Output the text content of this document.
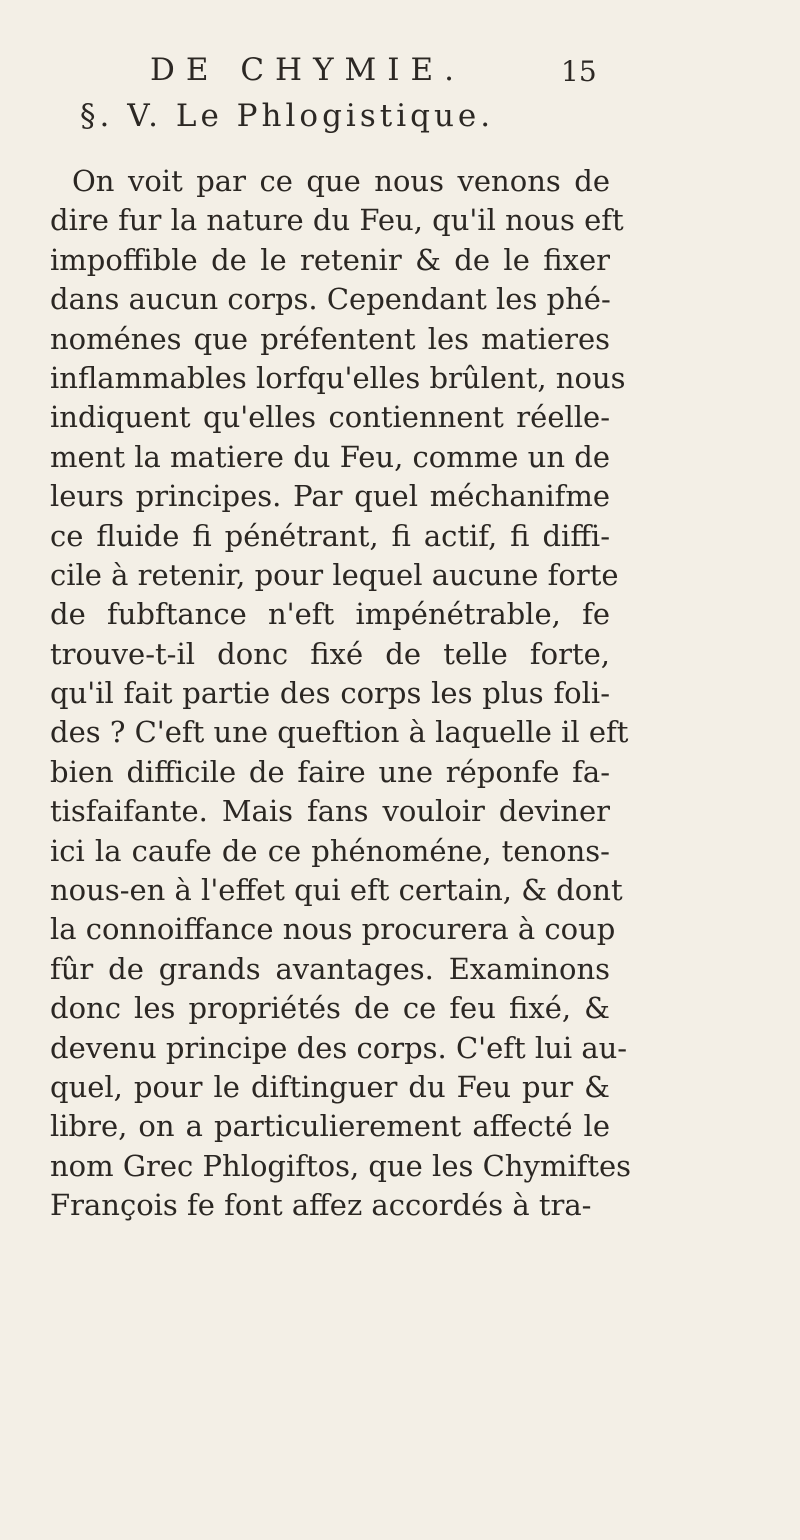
DE CHYMIE.	15
§. V. Le Phlogistique.
On voit par ce que nous venons de
dire fur la nature du Feu, qu'il nous eft
impoffible de le retenir & de le fixer
dans aucun corps. Cependant les phé-
noménes que préfentent les matieres
inflammables lorfqu'elles brûlent, nous
indiquent qu'elles contiennent réelle-
ment la matiere du Feu, comme un de
leurs principes. Par quel méchanifme
ce fluide fi pénétrant, fi actif, fi diffi-
cile à retenir, pour lequel aucune forte
de fubftance n'eft impénétrable, fe
trouve-t-il donc fixé de telle forte,
qu'il fait partie des corps les plus foli-
des ? C'eft une queftion à laquelle il eft
bien difficile de faire une réponfe fa-
tisfaifante. Mais fans vouloir deviner
ici la caufe de ce phénoméne, tenons-
nous-en à l'effet qui eft certain, & dont
la connoiffance nous procurera à coup
fûr de grands avantages. Examinons
donc les propriétés de ce feu fixé, &
devenu principe des corps. C'eft lui au-
quel, pour le diftinguer du Feu pur &
libre, on a particulierement affecté le
nom Grec Phlogiftos, que les Chymiftes
François fe font affez accordés à tra-
